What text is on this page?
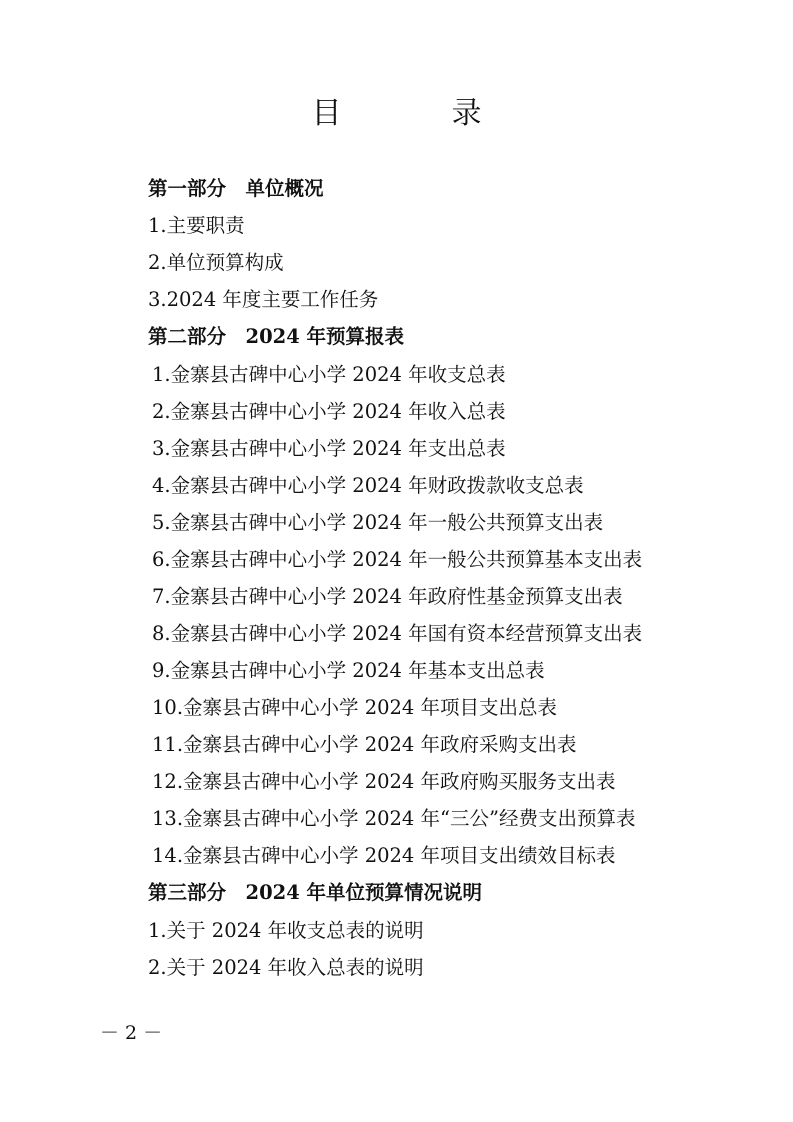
目　录
第一部分　单位概况
1.主要职责
2.单位预算构成
3.2024 年度主要工作任务
第二部分　2024 年预算报表
1.金寨县古碑中心小学 2024 年收支总表
2.金寨县古碑中心小学 2024 年收入总表
3.金寨县古碑中心小学 2024 年支出总表
4.金寨县古碑中心小学 2024 年财政拨款收支总表
5.金寨县古碑中心小学 2024 年一般公共预算支出表
6.金寨县古碑中心小学 2024 年一般公共预算基本支出表
7.金寨县古碑中心小学 2024 年政府性基金预算支出表
8.金寨县古碑中心小学 2024 年国有资本经营预算支出表
9.金寨县古碑中心小学 2024 年基本支出总表
10.金寨县古碑中心小学 2024 年项目支出总表
11.金寨县古碑中心小学 2024 年政府采购支出表
12.金寨县古碑中心小学 2024 年政府购买服务支出表
13.金寨县古碑中心小学 2024 年“三公”经费支出预算表
14.金寨县古碑中心小学 2024 年项目支出绩效目标表
第三部分　2024 年单位预算情况说明
1.关于 2024 年收支总表的说明
2.关于 2024 年收入总表的说明
－ 2 －
